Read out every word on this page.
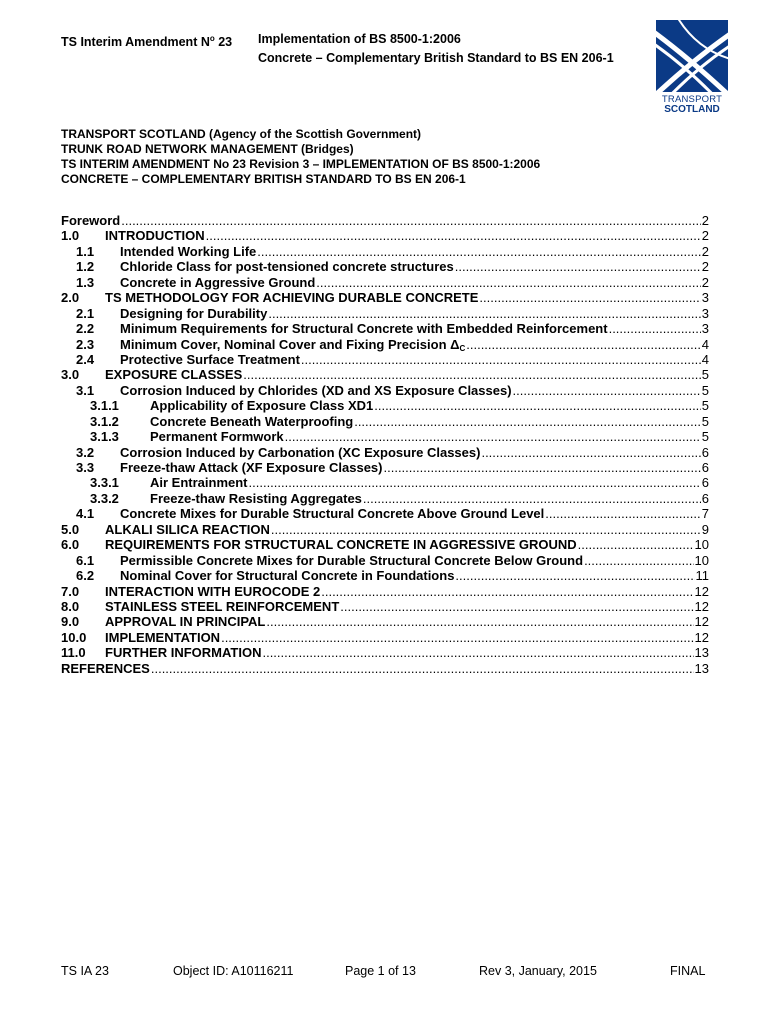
TS Interim Amendment $N^o$ 23	Implementation of BS 8500-1:2006
Concrete – Complementary British Standard to BS EN 206-1
TRANSPORT
SCOTLAND
TRANSPORT SCOTLAND (Agency of the Scottish Government)
TRUNK ROAD NETWORK MANAGEMENT (Bridges)
TS INTERIM AMENDMENT No 23 Revision 3 – IMPLEMENTATION OF BS 8500-1:2006
CONCRETE – COMPLEMENTARY BRITISH STANDARD TO BS EN 206-1
Foreword .....	2
1.0	INTRODUCTION .....	2
1.1	Intended Working Life .....	2
1.2	Chloride Class for post-tensioned concrete structures .....	2
1.3	Concrete in Aggressive Ground .....	2
2.0	TS METHODOLOGY FOR ACHIEVING DURABLE CONCRETE .....	3
2.1	Designing for Durability .....	3
2.2	Minimum Requirements for Structural Concrete with Embedded Reinforcement .....	3
2.3	Minimum Cover, Nominal Cover and Fixing Precision $\Delta_C$ .....	4
2.4	Protective Surface Treatment .....	4
3.0	EXPOSURE CLASSES .....	5
3.1	Corrosion Induced by Chlorides (XD and XS Exposure Classes) .....	5
3.1.1	Applicability of Exposure Class XD1 .....	5
3.1.2	Concrete Beneath Waterproofing .....	5
3.1.3	Permanent Formwork .....	5
3.2	Corrosion Induced by Carbonation (XC Exposure Classes) .....	6
3.3	Freeze-thaw Attack (XF Exposure Classes) .....	6
3.3.1	Air Entrainment .....	6
3.3.2	Freeze-thaw Resisting Aggregates .....	6
4.1	Concrete Mixes for Durable Structural Concrete Above Ground Level .....	7
5.0	ALKALI SILICA REACTION .....	9
6.0	REQUIREMENTS FOR STRUCTURAL CONCRETE IN AGGRESSIVE GROUND .....	10
6.1	Permissible Concrete Mixes for Durable Structural Concrete Below Ground .....	10
6.2	Nominal Cover for Structural Concrete in Foundations .....	11
7.0	INTERACTION WITH EUROCODE 2 .....	12
8.0	STAINLESS STEEL REINFORCEMENT .....	12
9.0	APPROVAL IN PRINCIPAL .....	12
10.0	IMPLEMENTATION .....	12
11.0	FURTHER INFORMATION .....	13
REFERENCES .....	13
TS IA 23	Object ID: A10116211	Page 1 of 13	Rev 3, January, 2015	FINAL
